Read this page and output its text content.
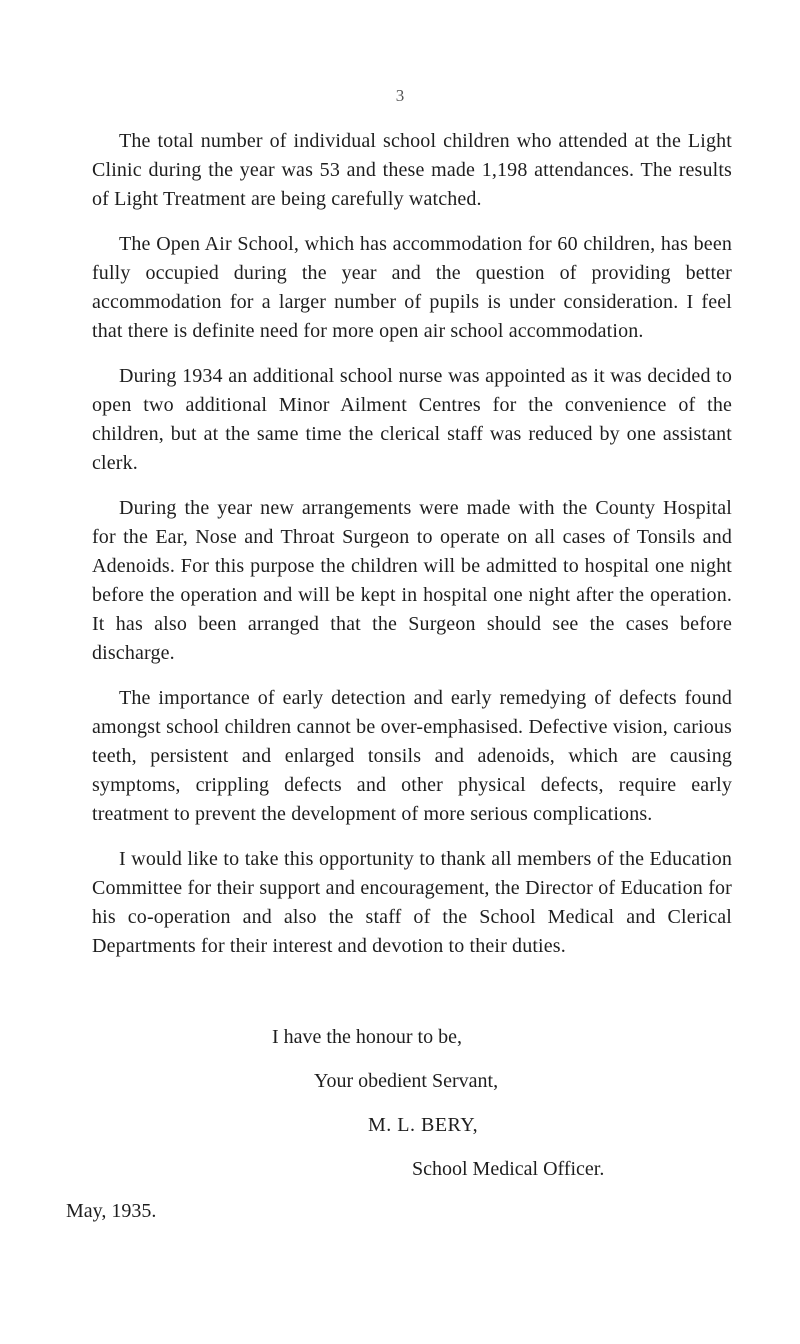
3

The total number of individual school children who attended at the Light Clinic during the year was 53 and these made 1,198 attendances. The results of Light Treatment are being carefully watched.

The Open Air School, which has accommodation for 60 children, has been fully occupied during the year and the question of providing better accommodation for a larger number of pupils is under consideration. I feel that there is definite need for more open air school accommodation.

During 1934 an additional school nurse was appointed as it was decided to open two additional Minor Ailment Centres for the convenience of the children, but at the same time the clerical staff was reduced by one assistant clerk.

During the year new arrangements were made with the County Hospital for the Ear, Nose and Throat Surgeon to operate on all cases of Tonsils and Adenoids. For this purpose the children will be admitted to hospital one night before the operation and will be kept in hospital one night after the operation. It has also been arranged that the Surgeon should see the cases before discharge.

The importance of early detection and early remedying of defects found amongst school children cannot be over-emphasised. Defective vision, carious teeth, persistent and enlarged tonsils and adenoids, which are causing symptoms, crippling defects and other physical defects, require early treatment to prevent the development of more serious complications.

I would like to take this opportunity to thank all members of the Education Committee for their support and encouragement, the Director of Education for his co-operation and also the staff of the School Medical and Clerical Departments for their interest and devotion to their duties.

I have the honour to be,
Your obedient Servant,
M. L. BERY,
School Medical Officer.
May, 1935.
